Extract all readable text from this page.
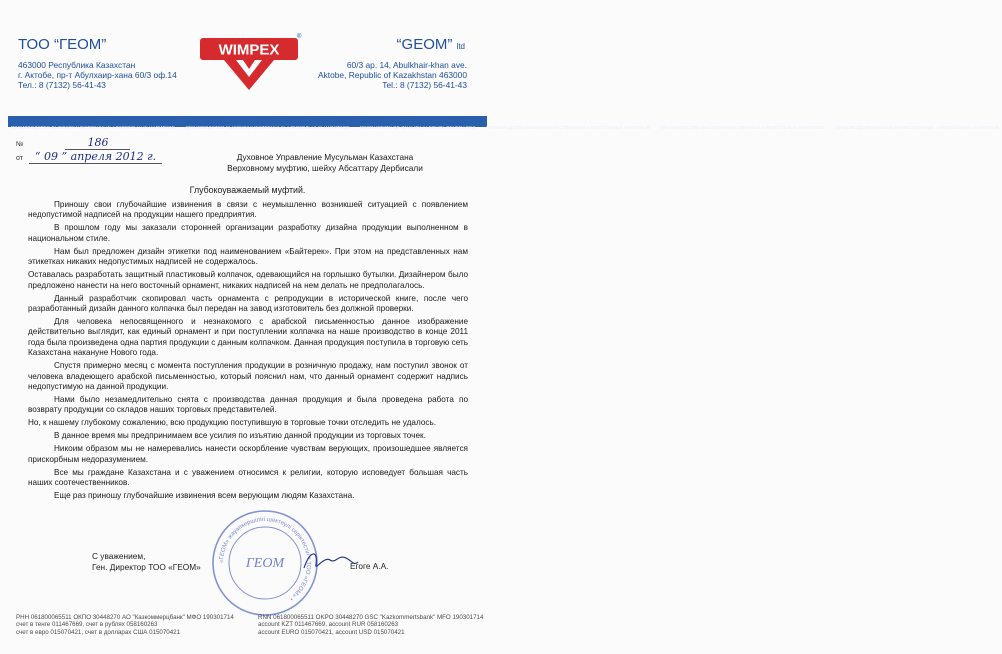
ТОО “ГЕОМ”	“GEOM” ltd
463000 Республика Казахстан
г. Актобе, пр-т Абулхаир-хана 60/3 оф.14
Тел.: 8 (7132) 56-41-43
60/3 ap. 14, Abulkhair-khan ave.
Aktobe, Republic of Kazakhstan 463000
Tel.: 8 (7132) 56-41-43
WIMPEX
®
ПРОИЗВОДСТВО ВЫСОКОКАЧЕСТВЕННЫХ АЛКОГОЛЬНЫХ НАПИТКОВ ПРОИЗВОДСТВО ВЫСОКОКАЧЕСТВЕННЫХ АЛКОГОЛЬНЫХ НАПИТКОВ PRODUCTION OF QUALITY ALCOHOL BEVERAGES ПРОИЗВОДСТВО ВЫСОКОКАЧЕСТВЕННЫХ АЛКОГОЛЬНЫХ НАПИТКОВ ПРОИЗВОДСТВО ВЫСОКОКАЧЕСТВЕННЫХ АЛКОГОЛЬНЫХ НАПИТКОВ ПРОИЗВОДСТВО ВЫСОКОКАЧЕСТВЕННЫХ АЛКОГОЛЬНЫХ НАПИТКОВ
№	186
от “ 09 ” апреля 2012 г.	Духовное Управление Мусульман Казахстана
Верховному муфтию, шейху Абсаттару Дербисали
Глубокоуважаемый муфтий.

Приношу свои глубочайшие извинения в связи с неумышленно возникшей ситуацией с появлением недопустимой надписей на продукции нашего предприятия.

В прошлом году мы заказали сторонней организации разработку дизайна продукции выполненном в национальном стиле.

Нам был предложен дизайн этикетки под наименованием «Байтерек». При этом на представленных нам этикетках никаких недопустимых надписей не содержалось.

Оставалась разработать защитный пластиковый колпачок, одевающийся на горлышко бутылки. Дизайнером было предложено нанести на него восточный орнамент, никаких надписей на нем делать не предполагалось.

Данный разработчик скопировал часть орнамента с репродукции в исторической книге, после чего разработанный дизайн данного колпачка был передан на завод изготовитель без должной проверки.

Для человека непосвященного и незнакомого с арабской письменностью данное изображение действительно выглядит, как единый орнамент и при поступлении колпачка на наше производство в конце 2011 года была произведена одна партия продукции с данным колпачком. Данная продукция поступила в торговую сеть Казахстана накануне Нового года.

Спустя примерно месяц с момента поступления продукции в розничную продажу, нам поступил звонок от человека владеющего арабской письменностью, который пояснил нам, что данный орнамент содержит надпись недопустимую на данной продукции.

Нами было незамедлительно снята с производства данная продукция и была проведена работа по возврату продукции со складов наших торговых представителей.

Но, к нашему глубокому сожалению, всю продукцию поступившую в торговые точки отследить не удалось.

В данное время мы предпринимаем все усилия по изъятию данной продукции из торговых точек.

Никоим образом мы не намеревались нанести оскорбление чувствам верующих, произошедшее является прискорбным недоразумением.

Все мы граждане Казахстана и с уважением относимся к религии, которую исповедует большая часть наших соотечественников.

Еще раз приношу глубочайшие извинения всем верующим людям Казахстана.

«ГЕОМ» жауапкершілігі шектеулі серіктестігі * ТОО «ГЕОМ» *
ГЕОМ
С уважением,
Ген. Директор ТОО «ГЕОМ»	Егоге А.А.
РНН 061800065511 ОКПО 30448270 АО "Казкоммерцбанк" МФО 190301714
счет в тенге 011467669, счет в рублях 058160263
счет в евро 015070421, счет в долларах США 015070421
RNN 061800065511 OKPO 30448270 GSC "Kazkommertsbank" MFO 190301714
account KZT 011467669, account RUR 058160263
account EURO 015070421, account USD 015070421
